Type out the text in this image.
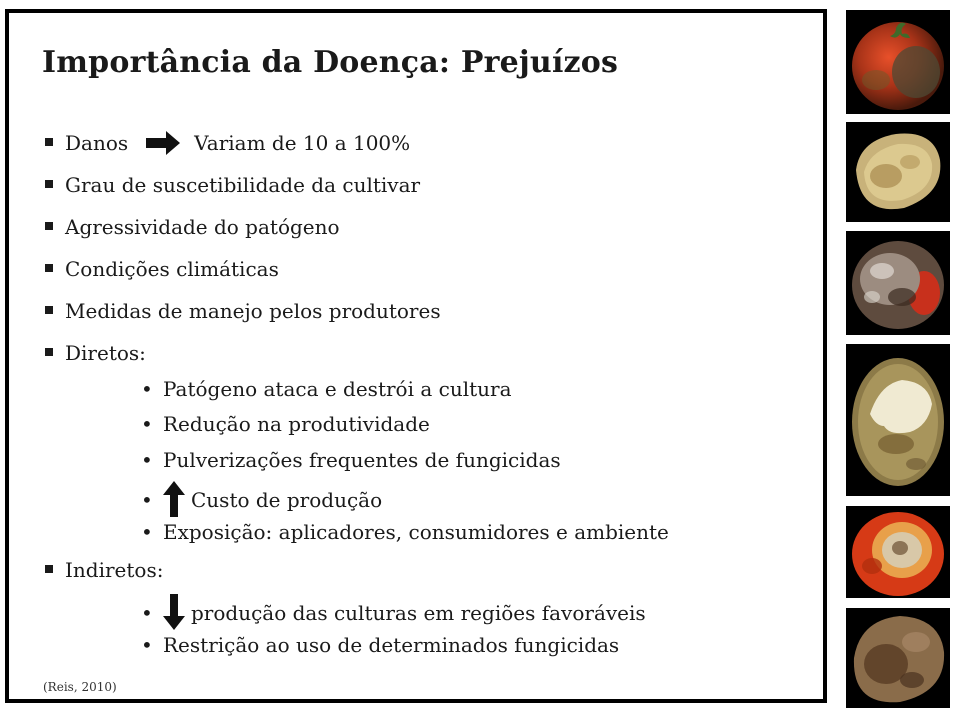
Importância da Doença: Prejuízos
Danos	Variam de 10 a 100%
Grau de suscetibilidade da cultivar
Agressividade do patógeno
Condições climáticas
Medidas de manejo pelos produtores
Diretos:
• Patógeno ataca e destrói a cultura
• Redução na produtividade
• Pulverizações frequentes de fungicidas
• Custo de produção
• Exposição: aplicadores, consumidores e ambiente
Indiretos:
• produção das culturas em regiões favoráveis
• Restrição ao uso de determinados fungicidas
(Reis, 2010)
